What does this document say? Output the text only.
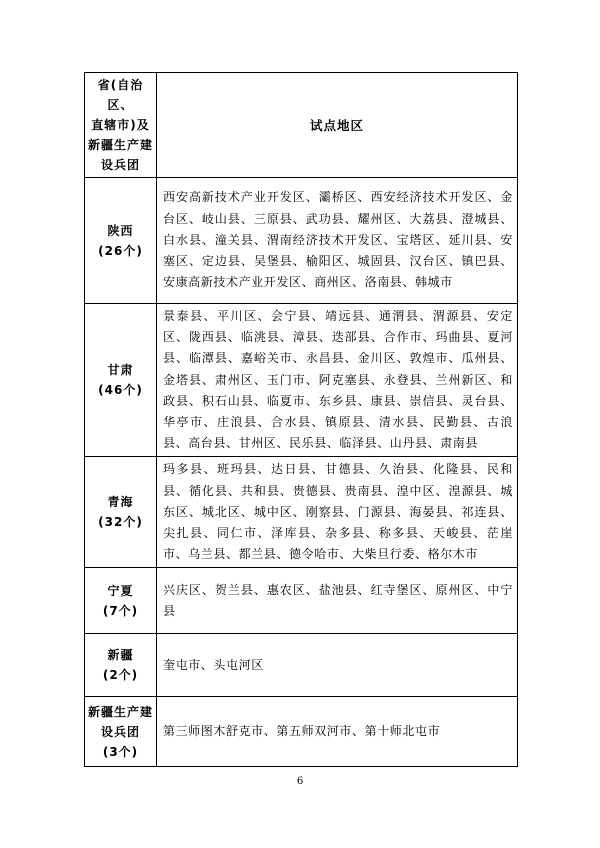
省(自治区、
直辖市)及
新疆生产建
设兵团	试点地区

陕西
(26个)	西安高新技术产业开发区、灞桥区、西安经济技术开发区、金台区、岐山县、三原县、武功县、耀州区、大荔县、澄城县、白水县、潼关县、渭南经济技术开发区、宝塔区、延川县、安塞区、定边县、吴堡县、榆阳区、城固县、汉台区、镇巴县、安康高新技术产业开发区、商州区、洛南县、韩城市

甘肃
(46个)	景泰县、平川区、会宁县、靖远县、通渭县、渭源县、安定区、陇西县、临洮县、漳县、迭部县、合作市、玛曲县、夏河县、临潭县、嘉峪关市、永昌县、金川区、敦煌市、瓜州县、金塔县、肃州区、玉门市、阿克塞县、永登县、兰州新区、和政县、积石山县、临夏市、东乡县、康县、崇信县、灵台县、华亭市、庄浪县、合水县、镇原县、清水县、民勤县、古浪县、高台县、甘州区、民乐县、临泽县、山丹县、肃南县

青海
(32个)	玛多县、班玛县、达日县、甘德县、久治县、化隆县、民和县、循化县、共和县、贵德县、贵南县、湟中区、湟源县、城东区、城北区、城中区、刚察县、门源县、海晏县、祁连县、尖扎县、同仁市、泽库县、杂多县、称多县、天峻县、茫崖市、乌兰县、都兰县、德令哈市、大柴旦行委、格尔木市

宁夏
(7个)	兴庆区、贺兰县、惠农区、盐池县、红寺堡区、原州区、中宁县

新疆
(2个)	奎屯市、头屯河区

新疆生产建
设兵团
(3个)	第三师图木舒克市、第五师双河市、第十师北屯市
6
